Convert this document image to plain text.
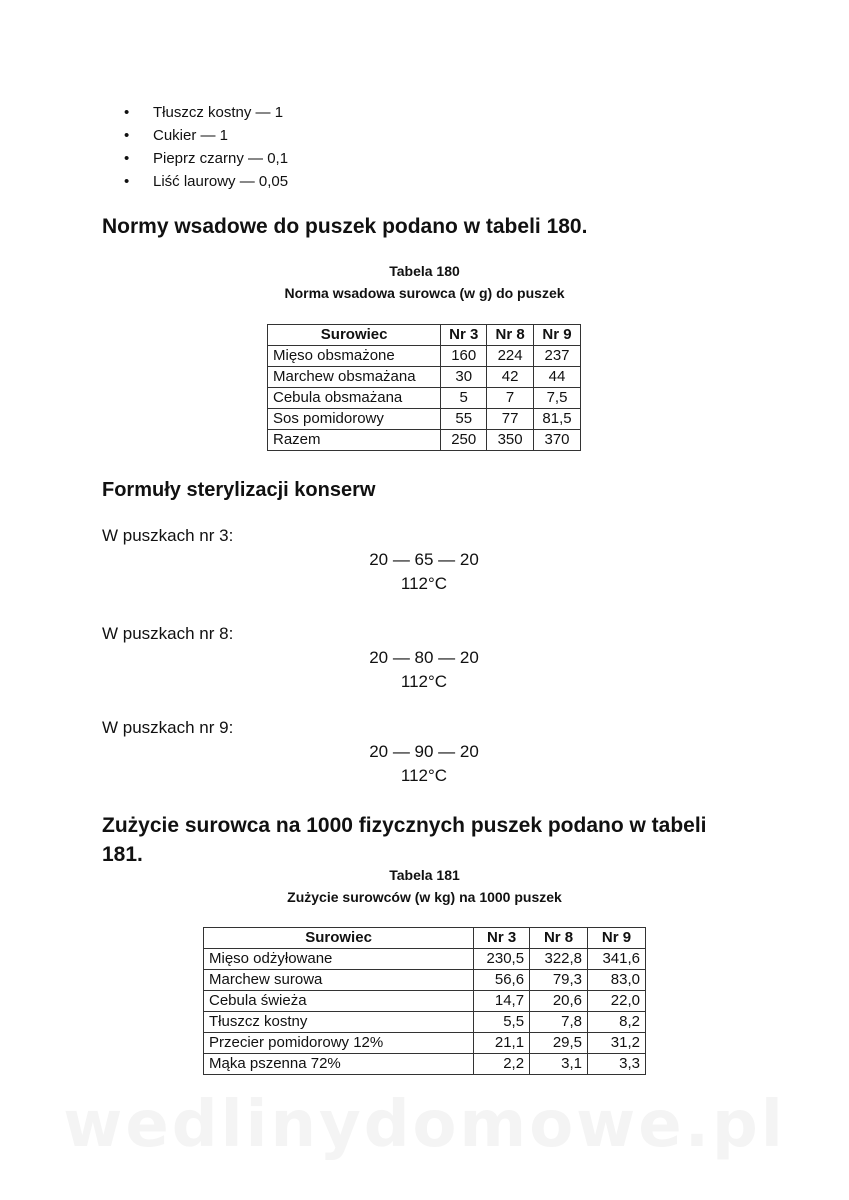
• Tłuszcz kostny — 1
• Cukier — 1
• Pieprz czarny — 0,1
• Liść laurowy — 0,05
Normy wsadowe do puszek podano w tabeli 180.
Tabela 180
Norma wsadowa surowca (w g) do puszek
Surowiec	Nr 3	Nr 8	Nr 9
Mięso obsmażone	160	224	237
Marchew obsmażana	30	42	44
Cebula obsmażana	5	7	7,5
Sos pomidorowy	55	77	81,5
Razem	250	350	370
Formuły sterylizacji konserw
W puszkach nr 3:
20 — 65 — 20
112°C
W puszkach nr 8:
20 — 80 — 20
112°C
W puszkach nr 9:
20 — 90 — 20
112°C
Zużycie surowca na 1000 fizycznych puszek podano w tabeli
181.
Tabela 181
Zużycie surowców (w kg) na 1000 puszek
Surowiec	Nr 3	Nr 8	Nr 9
Mięso odżyłowane	230,5	322,8	341,6
Marchew surowa	56,6	79,3	83,0
Cebula świeża	14,7	20,6	22,0
Tłuszcz kostny	5,5	7,8	8,2
Przecier pomidorowy 12%	21,1	29,5	31,2
Mąka pszenna 72%	2,2	3,1	3,3
wedlinydomowe.pl
